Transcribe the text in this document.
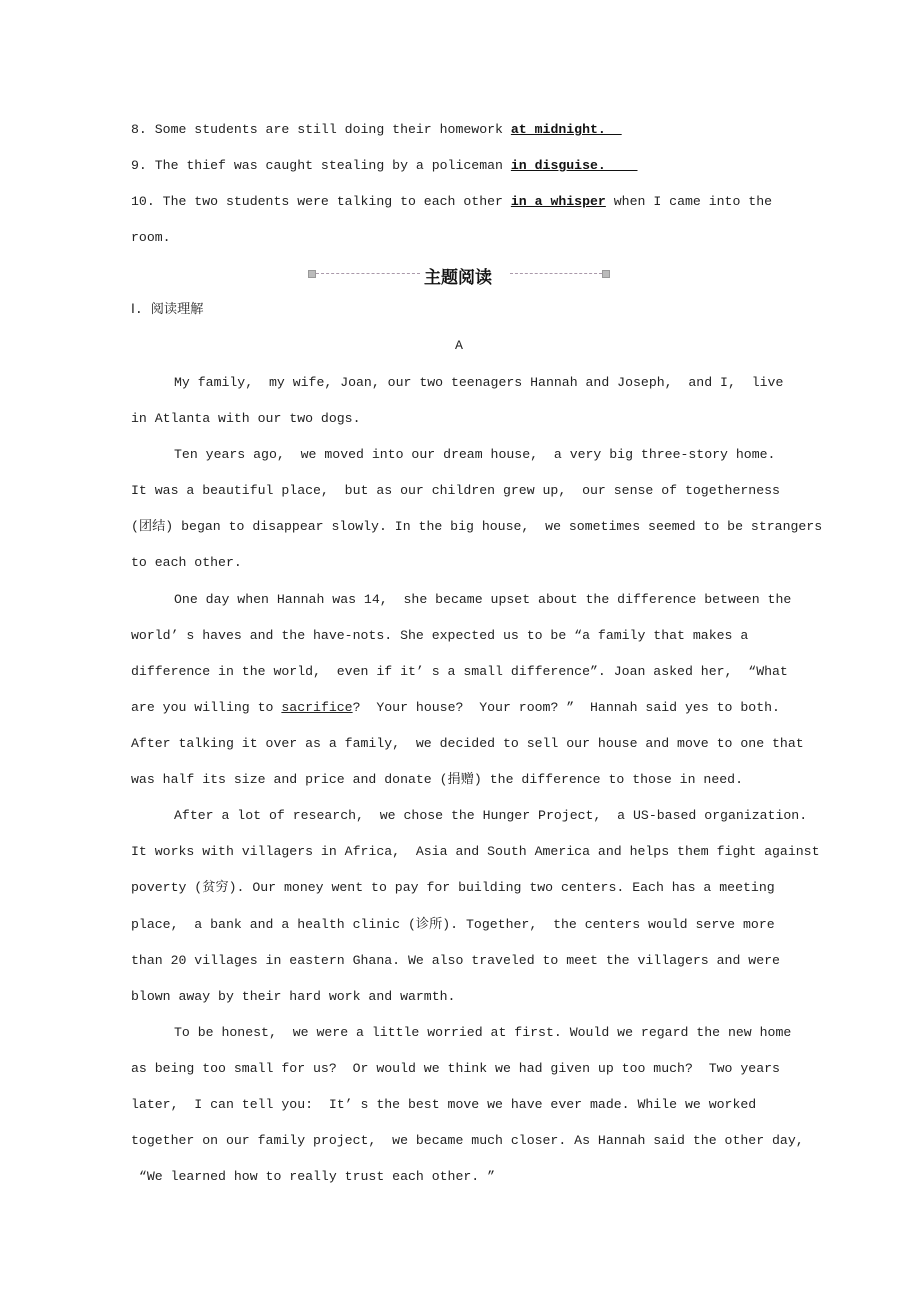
8. Some students are still doing their homework at midnight.
9. The thief was caught stealing by a policeman in disguise.
10. The two students were talking to each other in a whisper when I came into the
room.
主题阅读
Ⅰ. 阅读理解
A
My family,  my wife, Joan, our two teenagers Hannah and Joseph,  and I,  live
in Atlanta with our two dogs.
Ten years ago,  we moved into our dream house,  a very big three-story home.
It was a beautiful place,  but as our children grew up,  our sense of togetherness
(团结) began to disappear slowly. In the big house,  we sometimes seemed to be strangers
to each other.
One day when Hannah was 14,  she became upset about the difference between the
world’ s haves and the have-nots. She expected us to be “a family that makes a
difference in the world,  even if it’ s a small difference”. Joan asked her,  “What
are you willing to sacrifice?  Your house?  Your room? ”  Hannah said yes to both.
After talking it over as a family,  we decided to sell our house and move to one that
was half its size and price and donate (捐赠) the difference to those in need.
After a lot of research,  we chose the Hunger Project,  a US-based organization.
It works with villagers in Africa,  Asia and South America and helps them fight against
poverty (贫穷). Our money went to pay for building two centers. Each has a meeting
place,  a bank and a health clinic (诊所). Together,  the centers would serve more
than 20 villages in eastern Ghana. We also traveled to meet the villagers and were
blown away by their hard work and warmth.
To be honest,  we were a little worried at first. Would we regard the new home
as being too small for us?  Or would we think we had given up too much?  Two years
later,  I can tell you:  It’ s the best move we have ever made. While we worked
together on our family project,  we became much closer. As Hannah said the other day,
“We learned how to really trust each other. ”
